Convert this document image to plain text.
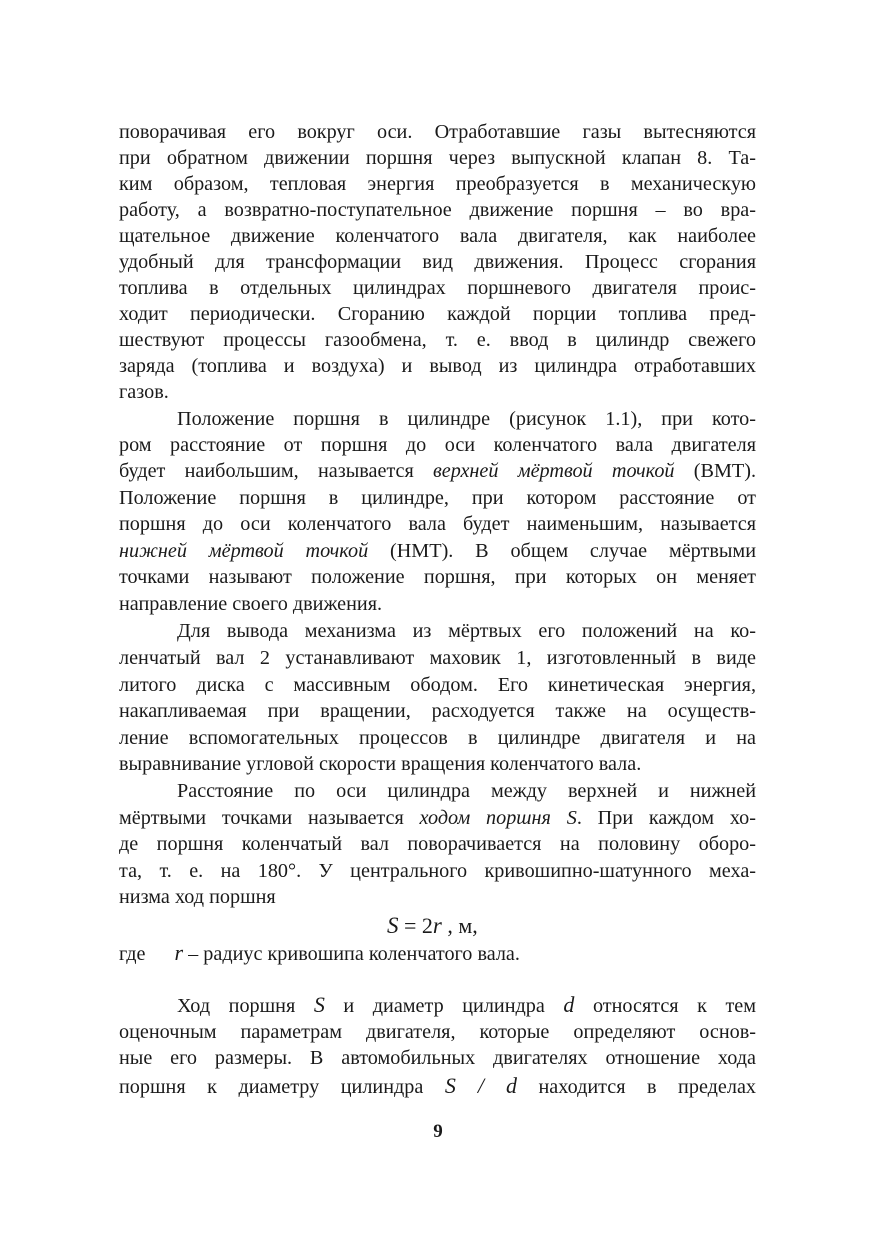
поворачивая его вокруг оси. Отработавшие газы вытесняются

при обратном движении поршня через выпускной клапан 8. Та-

ким образом, тепловая энергия преобразуется в механическую

работу, а возвратно-поступательное движение поршня – во вра-

щательное движение коленчатого вала двигателя, как наиболее

удобный для трансформации вид движения. Процесс сгорания

топлива в отдельных цилиндрах поршневого двигателя проис-

ходит периодически. Сгоранию каждой порции топлива пред-

шествуют процессы газообмена, т. е. ввод в цилиндр свежего

заряда (топлива и воздуха) и вывод из цилиндра отработавших

газов.

Положение поршня в цилиндре (рисунок 1.1), при кото-

ром расстояние от поршня до оси коленчатого вала двигателя

будет наибольшим, называется верхней мёртвой точкой (ВМТ).

Положение поршня в цилиндре, при котором расстояние от

поршня до оси коленчатого вала будет наименьшим, называется

нижней мёртвой точкой (НМТ). В общем случае мёртвыми

точками называют положение поршня, при которых он меняет

направление своего движения.

Для вывода механизма из мёртвых его положений на ко-

ленчатый вал 2 устанавливают маховик 1, изготовленный в виде

литого диска с массивным ободом. Его кинетическая энергия,

накапливаемая при вращении, расходуется также на осуществ-

ление вспомогательных процессов в цилиндре двигателя и на

выравнивание угловой скорости вращения коленчатого вала.

Расстояние по оси цилиндра между верхней и нижней

мёртвыми точками называется ходом поршня S. При каждом хо-

де поршня коленчатый вал поворачивается на половину оборо-

та, т. е. на 180°. У центрального кривошипно-шатунного меха-

низма ход поршня

S = 2r , м,
где r – радиус кривошипа коленчатого вала.

Ход поршня S и диаметр цилиндра d относятся к тем

оценочным параметрам двигателя, которые определяют основ-

ные его размеры. В автомобильных двигателях отношение хода

поршня к диаметру цилиндра S / d находится в пределах

9
